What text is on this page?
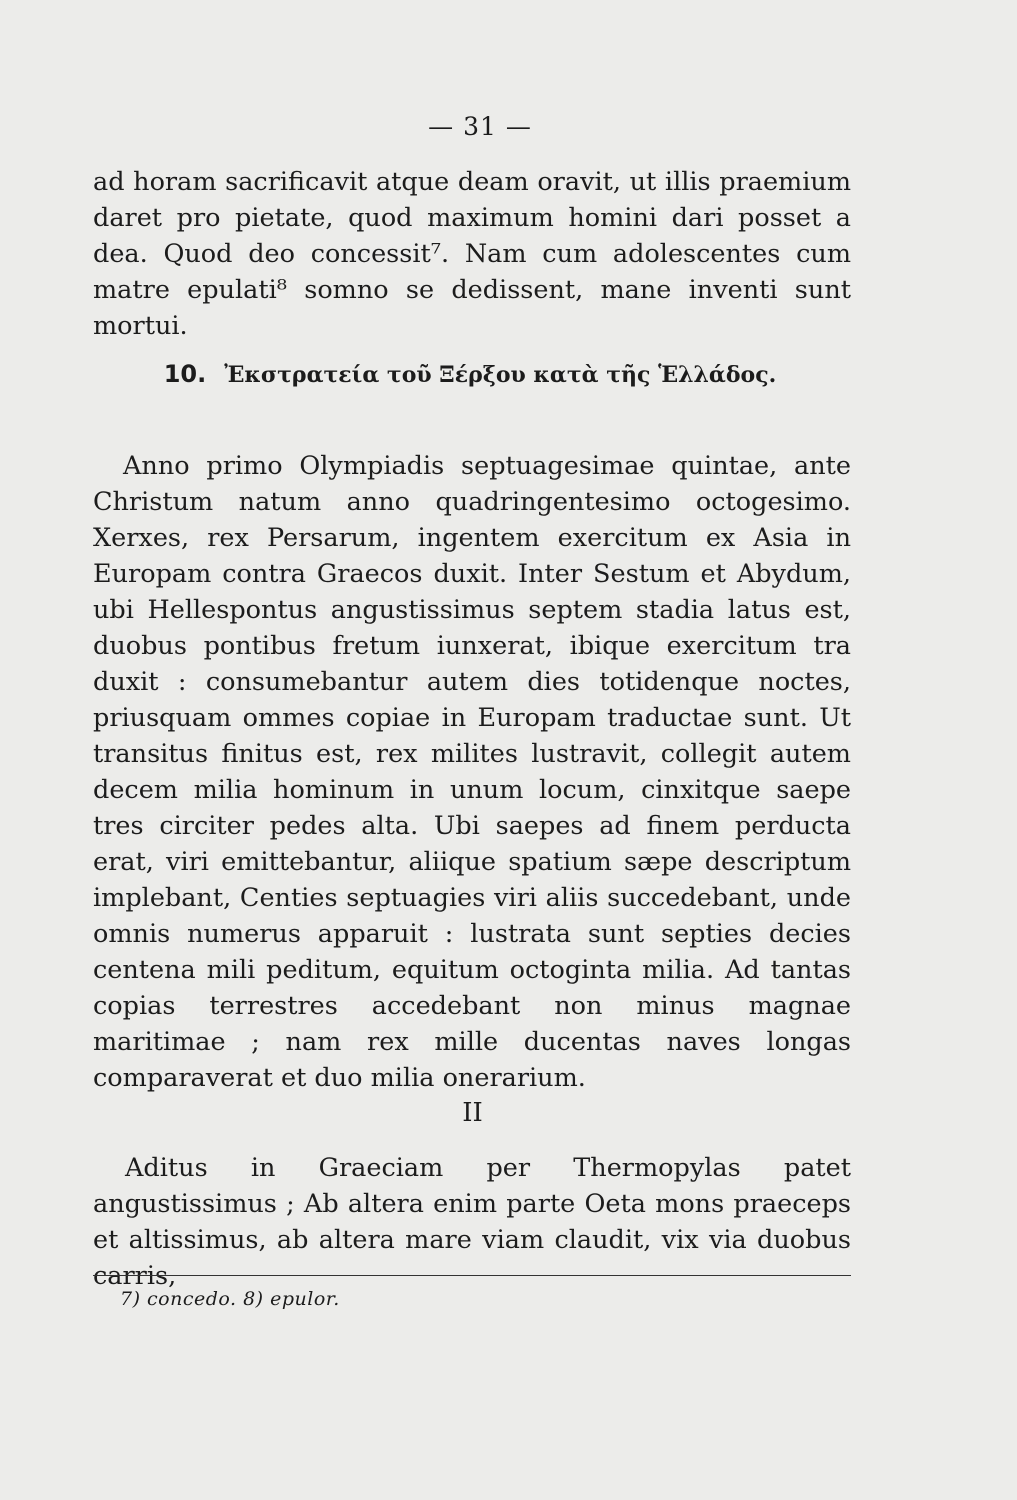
— 31 —

ad horam sacrificavit atque deam oravit, ut illis praemium daret pro pietate, quod maximum homini dari posset a dea. Quod deo concessit⁷. Nam cum adolescentes cum matre epulati⁸ somno se dedissent, mane inventi sunt mortui.

10. Ἐκστρατεία τοῦ Ξέρξου κατὰ τῆς Ἑλλάδος.

Anno primo Olympiadis septuagesimae quintae, ante Christum natum anno quadringentesimo octogesimo. Xerxes, rex Persarum, ingentem exercitum ex Asia in Europam contra Graecos duxit. Inter Sestum et Abydum, ubi Hellespontus angustissimus septem stadia latus est, duobus pontibus fretum iunxerat, ibique exercitum tra duxit : consumebantur autem dies totidenque noctes, priusquam ommes copiae in Europam traductae sunt. Ut transitus finitus est, rex milites lustravit, collegit autem decem milia hominum in unum locum, cinxitque saepe tres circiter pedes alta. Ubi saepes ad finem perducta erat, viri emittebantur, aliique spatium sæpe descriptum implebant, Centies septuagies viri aliis succedebant, unde omnis numerus apparuit : lustrata sunt septies decies centena mili peditum, equitum octoginta milia. Ad tantas copias terrestres accedebant non minus magnae maritimae ; nam rex mille ducentas naves longas comparaverat et duo milia onerarium.

II

Aditus in Graeciam per Thermopylas patet angustissimus ; Ab altera enim parte Oeta mons praeceps et altissimus, ab altera mare viam claudit, vix via duobus carris,

7) concedo. 8) epulor.
